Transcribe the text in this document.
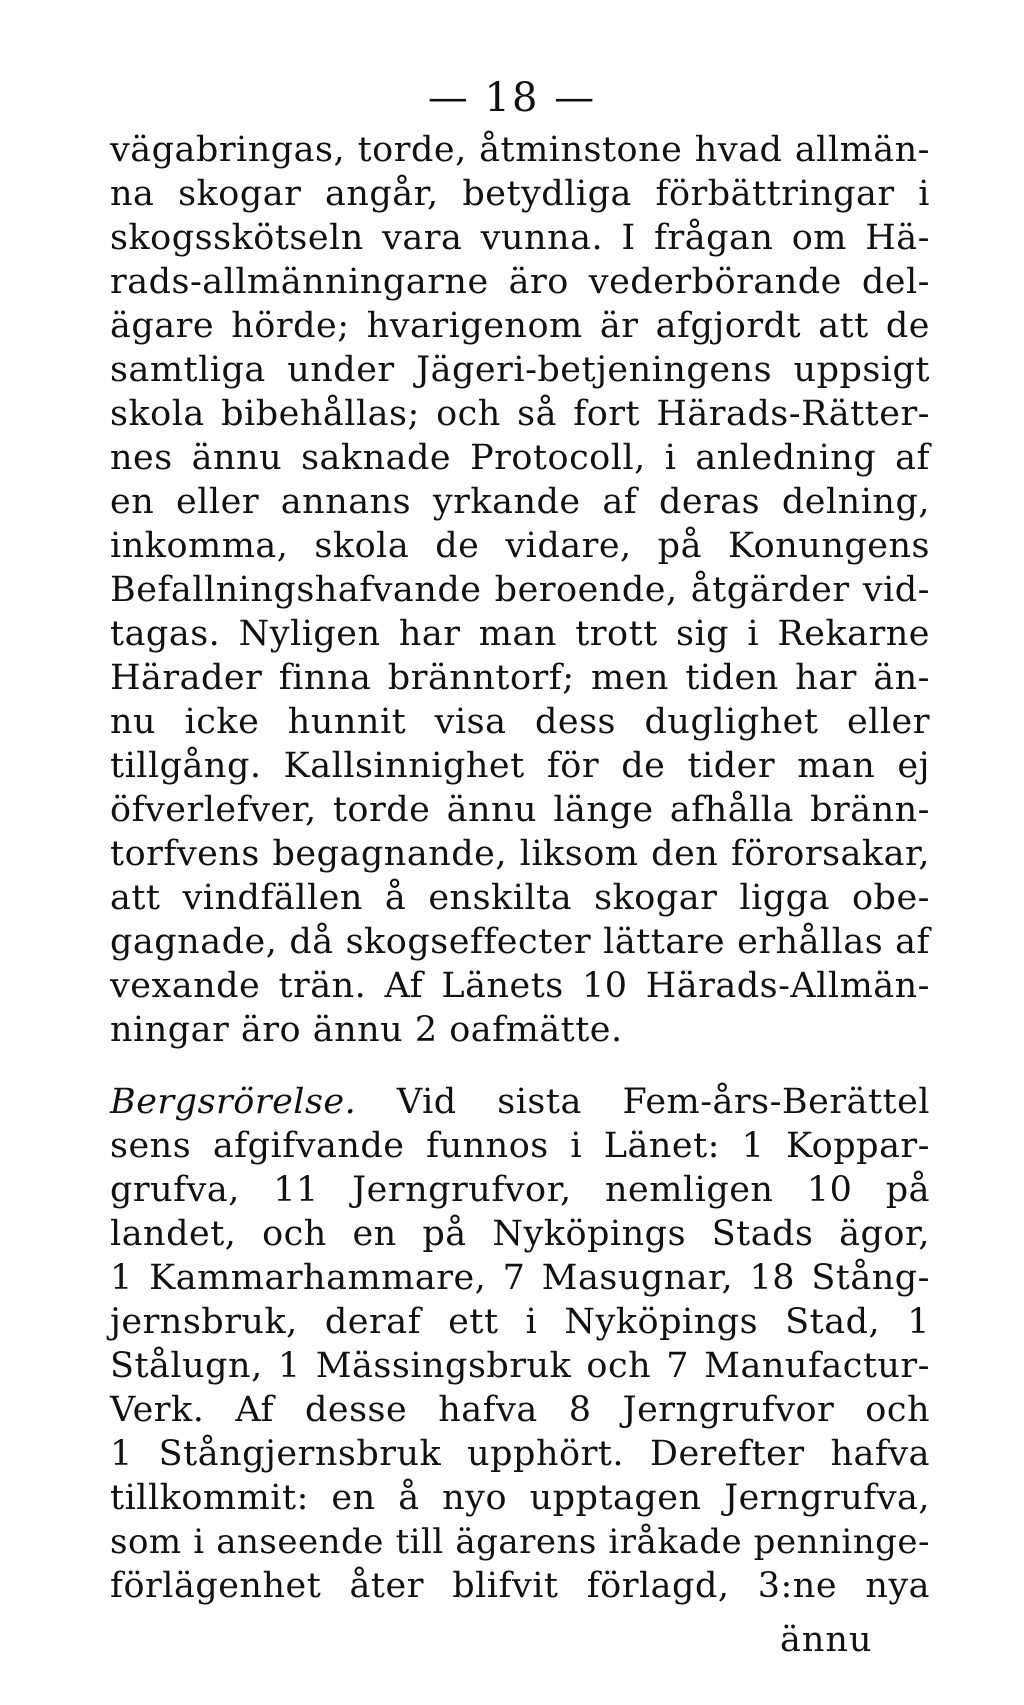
— 18 —
vägabringas, torde, åtminstone hvad allmän‑
na skogar angår, betydliga förbättringar i
skogsskötseln vara vunna. I frågan om Hä‑
rads-allmänningarne äro vederbörande del‑
ägare hörde; hvarigenom är afgjordt att de
samtliga under Jägeri-betjeningens uppsigt
skola bibehållas; och så fort Härads-Rätter‑
nes ännu saknade Protocoll, i anledning af
en eller annans yrkande af deras delning,
inkomma, skola de vidare, på Konungens
Befallningshafvande beroende, åtgärder vid‑
tagas. Nyligen har man trott sig i Rekarne
Härader finna bränntorf; men tiden har än‑
nu icke hunnit visa dess duglighet eller
tillgång. Kallsinnighet för de tider man ej
öfverlefver, torde ännu länge afhålla bränn‑
torfvens begagnande, liksom den förorsakar,
att vindfällen å enskilta skogar ligga obe‑
gagnade, då skogseffecter lättare erhållas af
vexande trän. Af Länets 10 Härads-Allmän‑
ningar äro ännu 2 oafmätte.
Bergsrörelse. Vid sista Fem-års-Berättel
sens afgifvande funnos i Länet: 1 Koppar‑
grufva, 11 Jerngrufvor, nemligen 10 på
landet, och en på Nyköpings Stads ägor,
1 Kammarhammare, 7 Masugnar, 18 Stång‑
jernsbruk, deraf ett i Nyköpings Stad, 1
Stålugn, 1 Mässingsbruk och 7 Manufactur‑
Verk. Af desse hafva 8 Jerngrufvor och
1 Stångjernsbruk upphört. Derefter hafva
tillkommit: en å nyo upptagen Jerngrufva,
som i anseende till ägarens iråkade penninge‑
förlägenhet åter blifvit förlagd, 3:ne nya
ännu
